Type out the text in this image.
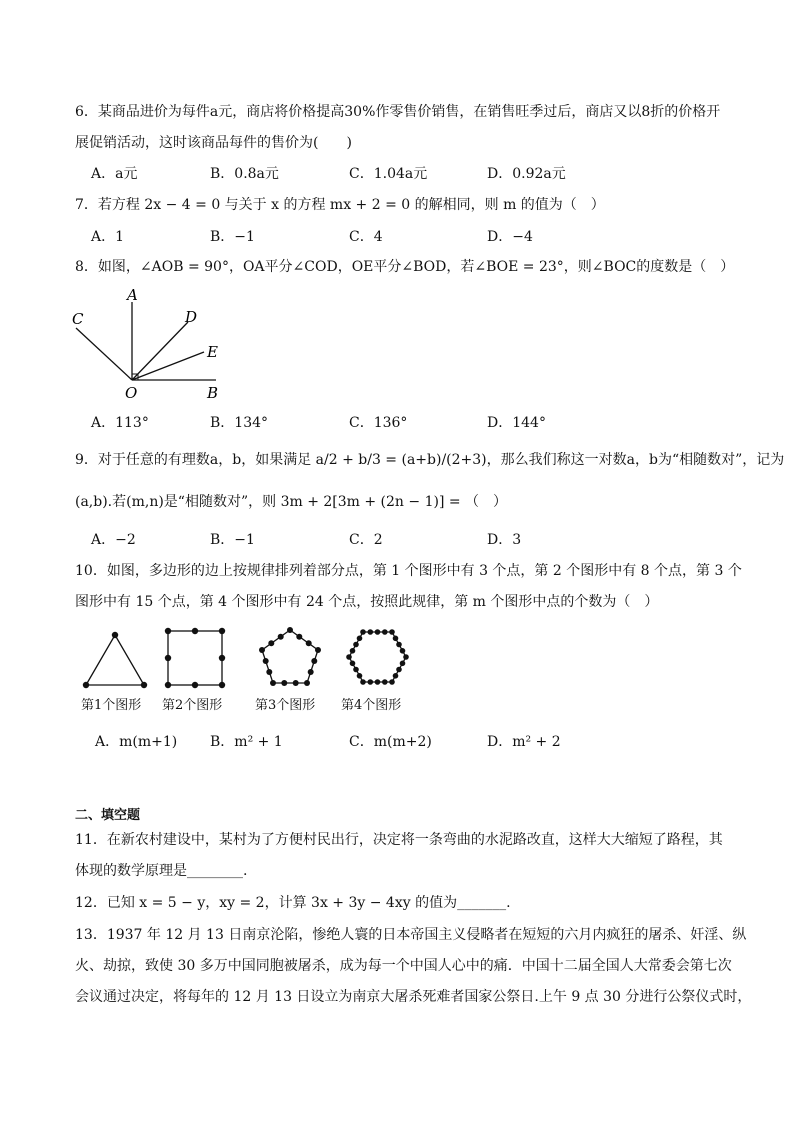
6．某商品进价为每件a元，商店将价格提高30%作零售价销售，在销售旺季过后，商店又以8折的价格开
展促销活动，这时该商品每件的售价为(　　)
A．a元	B．0.8a元	C．1.04a元	D．0.92a元
7．若方程 2x − 4 = 0 与关于 x 的方程 mx + 2 = 0 的解相同，则 m 的值为（　）
A．1	B．−1	C．4	D．−4
8．如图，∠AOB = 90°，OA平分∠COD，OE平分∠BOD，若∠BOE = 23°，则∠BOC的度数是（　）
A
C	D
E
O	B
A．113°	B．134°	C．136°	D．144°
9．对于任意的有理数a，b，如果满足 a/2 + b/3 = (a+b)/(2+3)，那么我们称这一对数a，b为“相随数对”，记为
(a,b).若(m,n)是“相随数对”，则 3m + 2[3m + (2n − 1)] = （　）
A．−2	B．−1	C．2	D．3
10．如图，多边形的边上按规律排列着部分点，第 1 个图形中有 3 个点，第 2 个图形中有 8 个点，第 3 个
图形中有 15 个点，第 4 个图形中有 24 个点，按照此规律，第 m 个图形中点的个数为（　）
第1个图形 第2个图形	第3个图形 第4个图形
A．m(m+1) B．m² + 1	C．m(m+2)	D．m² + 2
二、填空题
11．在新农村建设中，某村为了方便村民出行，决定将一条弯曲的水泥路改直，这样大大缩短了路程，其
体现的数学原理是________.
12．已知 x = 5 − y，xy = 2，计算 3x + 3y − 4xy 的值为_______.
13．1937 年 12 月 13 日南京沦陷，惨绝人寰的日本帝国主义侵略者在短短的六月内疯狂的屠杀、奸淫、纵
火、劫掠，致使 30 多万中国同胞被屠杀，成为每一个中国人心中的痛．中国十二届全国人大常委会第七次
会议通过决定，将每年的 12 月 13 日设立为南京大屠杀死难者国家公祭日.上午 9 点 30 分进行公祭仪式时，
